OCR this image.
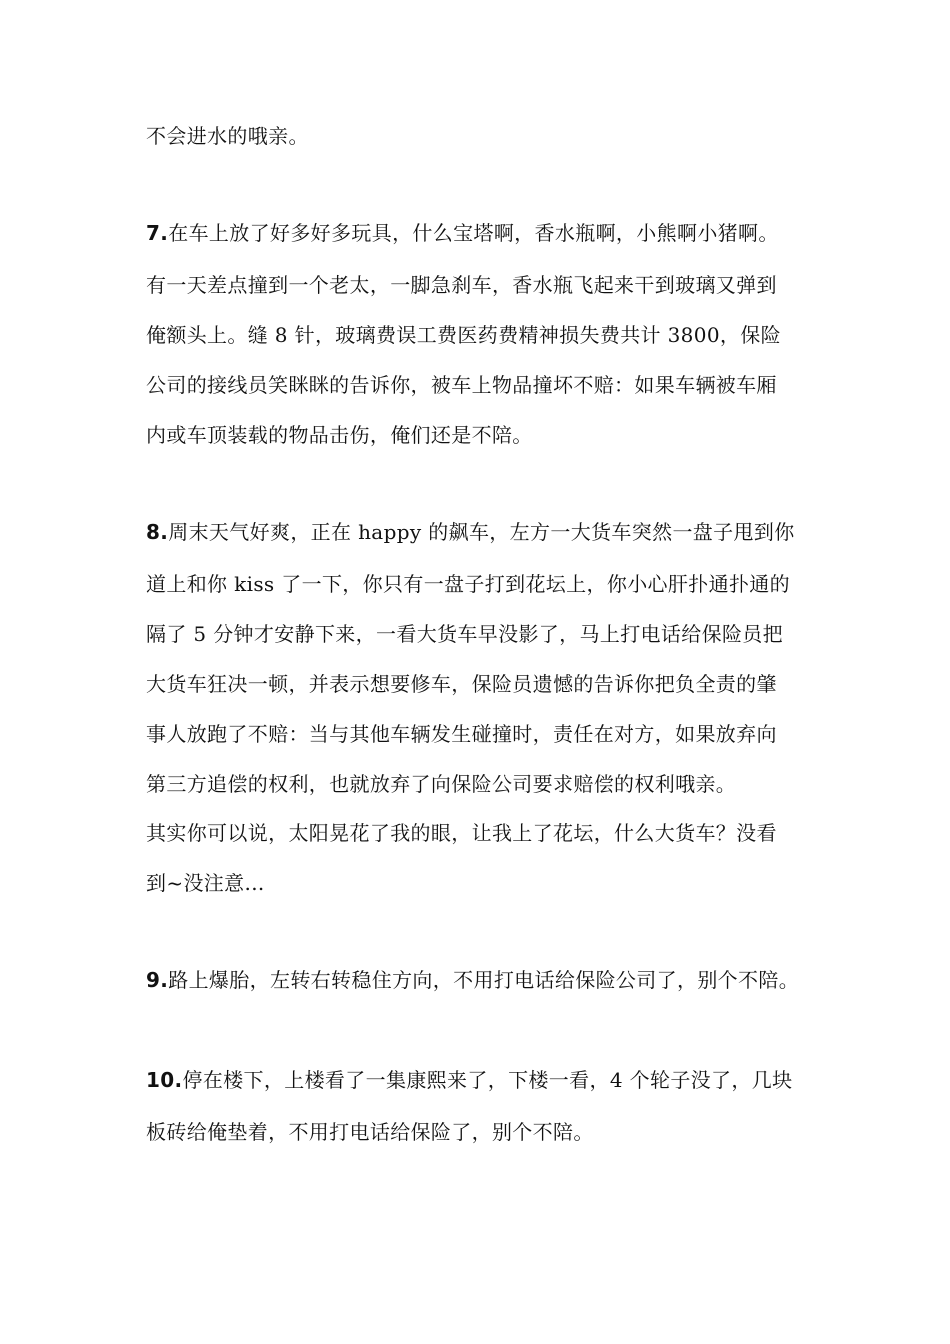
不会进水的哦亲。
7.在车上放了好多好多玩具，什么宝塔啊，香水瓶啊，小熊啊小猪啊。
有一天差点撞到一个老太，一脚急刹车，香水瓶飞起来干到玻璃又弹到
俺额头上。缝 8 针，玻璃费误工费医药费精神损失费共计 3800，保险
公司的接线员笑眯眯的告诉你，被车上物品撞坏不赔：如果车辆被车厢
内或车顶装载的物品击伤，俺们还是不陪。
8.周末天气好爽，正在 happy 的飙车，左方一大货车突然一盘子甩到你
道上和你 kiss 了一下，你只有一盘子打到花坛上，你小心肝扑通扑通的
隔了 5 分钟才安静下来，一看大货车早没影了，马上打电话给保险员把
大货车狂决一顿，并表示想要修车，保险员遗憾的告诉你把负全责的肇
事人放跑了不赔：当与其他车辆发生碰撞时，责任在对方，如果放弃向
第三方追偿的权利，也就放弃了向保险公司要求赔偿的权利哦亲。
其实你可以说，太阳晃花了我的眼，让我上了花坛，什么大货车？没看
到~没注意...
9.路上爆胎，左转右转稳住方向，不用打电话给保险公司了，别个不陪。
10.停在楼下，上楼看了一集康熙来了，下楼一看，4 个轮子没了，几块
板砖给俺垫着，不用打电话给保险了，别个不陪。
